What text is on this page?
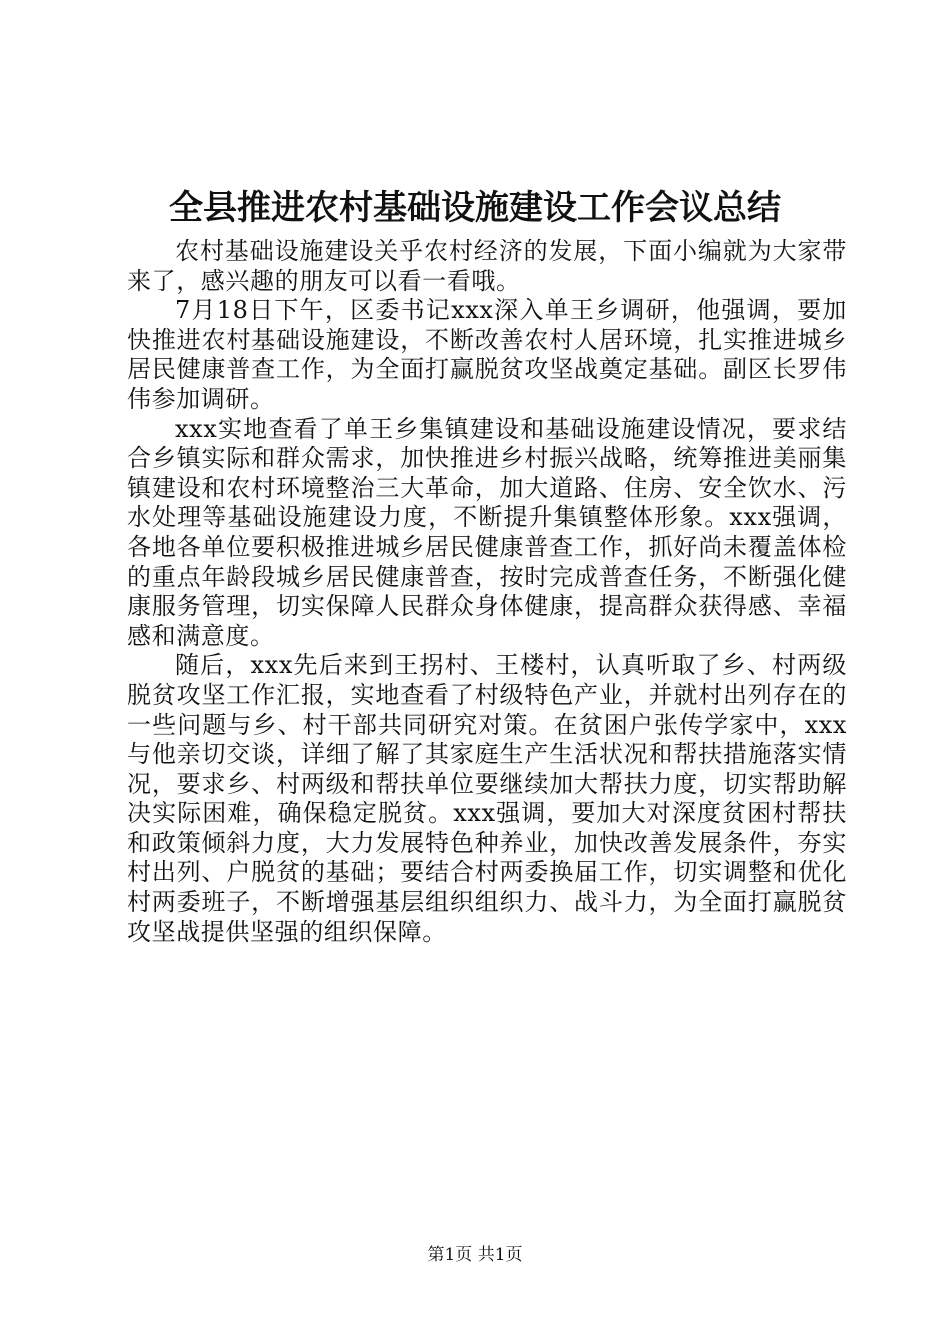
全县推进农村基础设施建设工作会议总结

农村基础设施建设关乎农村经济的发展，下面小编就为大家带来了，感兴趣的朋友可以看一看哦。

7月18日下午，区委书记xxx深入单王乡调研，他强调，要加快推进农村基础设施建设，不断改善农村人居环境，扎实推进城乡居民健康普查工作，为全面打赢脱贫攻坚战奠定基础。副区长罗伟伟参加调研。

xxx实地查看了单王乡集镇建设和基础设施建设情况，要求结合乡镇实际和群众需求，加快推进乡村振兴战略，统筹推进美丽集镇建设和农村环境整治三大革命，加大道路、住房、安全饮水、污水处理等基础设施建设力度，不断提升集镇整体形象。xxx强调，各地各单位要积极推进城乡居民健康普查工作，抓好尚未覆盖体检的重点年龄段城乡居民健康普查，按时完成普查任务，不断强化健康服务管理，切实保障人民群众身体健康，提高群众获得感、幸福感和满意度。

随后，xxx先后来到王拐村、王楼村，认真听取了乡、村两级脱贫攻坚工作汇报，实地查看了村级特色产业，并就村出列存在的一些问题与乡、村干部共同研究对策。在贫困户张传学家中，xxx与他亲切交谈，详细了解了其家庭生产生活状况和帮扶措施落实情况，要求乡、村两级和帮扶单位要继续加大帮扶力度，切实帮助解决实际困难，确保稳定脱贫。xxx强调，要加大对深度贫困村帮扶和政策倾斜力度，大力发展特色种养业，加快改善发展条件，夯实村出列、户脱贫的基础；要结合村两委换届工作，切实调整和优化村两委班子，不断增强基层组织组织力、战斗力，为全面打赢脱贫攻坚战提供坚强的组织保障。

第1页 共1页
